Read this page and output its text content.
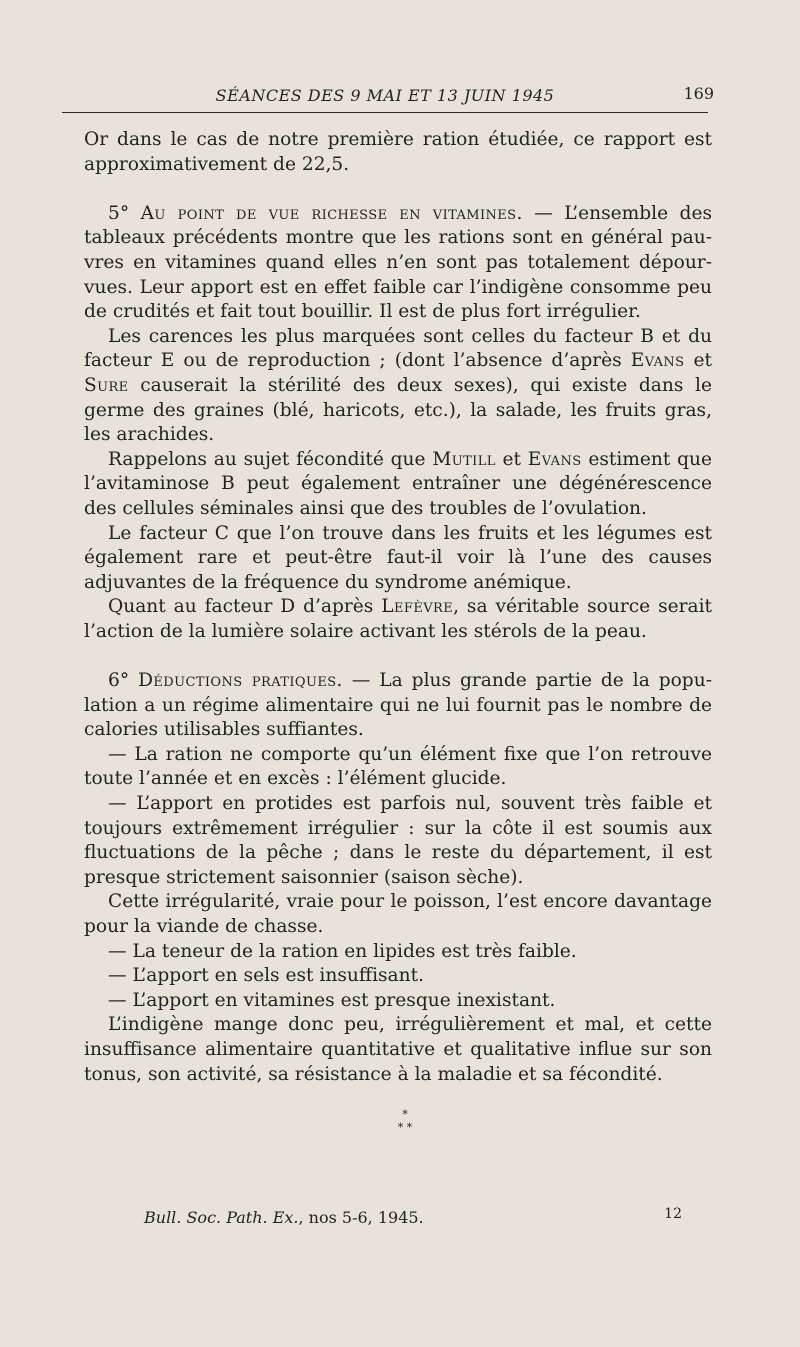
SÉANCES DES 9 MAI ET 13 JUIN 1945	169

Or dans le cas de notre première ration étudiée, ce rapport est approximativement de 22,5.

5° Au point de vue richesse en vitamines. — L’ensemble des tableaux précédents montre que les rations sont en général pauvres en vitamines quand elles n’en sont pas totalement dépourvues. Leur apport est en effet faible car l’indigène consomme peu de crudités et fait tout bouillir. Il est de plus fort irrégulier.

Les carences les plus marquées sont celles du facteur B et du facteur E ou de reproduction ; (dont l’absence d’après Evans et Sure causerait la stérilité des deux sexes), qui existe dans le germe des graines (blé, haricots, etc.), la salade, les fruits gras, les arachides.

Rappelons au sujet fécondité que Mutill et Evans estiment que l’avitaminose B peut également entraîner une dégénérescence des cellules séminales ainsi que des troubles de l’ovulation.

Le facteur C que l’on trouve dans les fruits et les légumes est également rare et peut-être faut-il voir là l’une des causes adjuvantes de la fréquence du syndrome anémique.

Quant au facteur D d’après Lefèvre, sa véritable source serait l’action de la lumière solaire activant les stérols de la peau.

6° Déductions pratiques. — La plus grande partie de la population a un régime alimentaire qui ne lui fournit pas le nombre de calories utilisables suffiantes.

— La ration ne comporte qu’un élément fixe que l’on retrouve toute l’année et en excès : l’élément glucide.

— L’apport en protides est parfois nul, souvent très faible et toujours extrêmement irrégulier : sur la côte il est soumis aux fluctuations de la pêche ; dans le reste du département, il est presque strictement saisonnier (saison sèche).

Cette irrégularité, vraie pour le poisson, l’est encore davantage pour la viande de chasse.

— La teneur de la ration en lipides est très faible.

— L’apport en sels est insuffisant.

— L’apport en vitamines est presque inexistant.

L’indigène mange donc peu, irrégulièrement et mal, et cette insuffisance alimentaire quantitative et qualitative influe sur son tonus, son activité, sa résistance à la maladie et sa fécondité.

*
* *
Bull. Soc. Path. Ex., nos 5-6, 1945.	12
